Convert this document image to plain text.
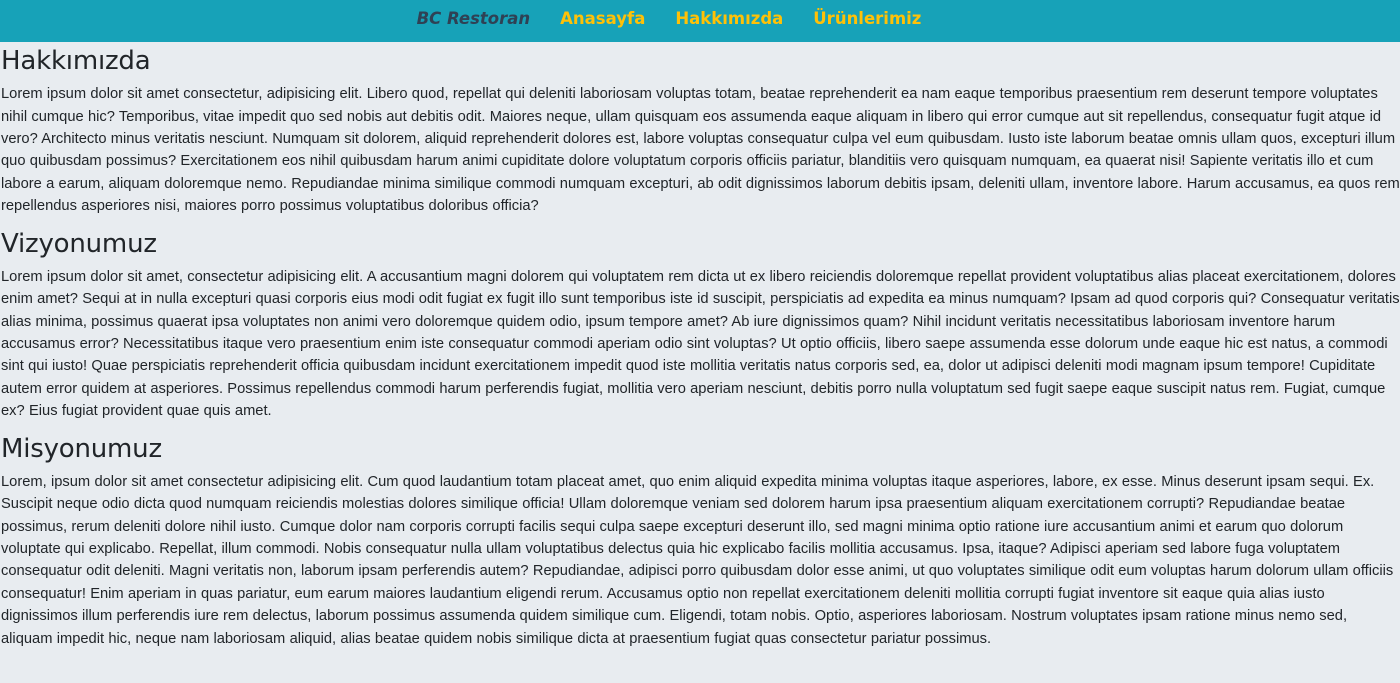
BC Restoran Anasayfa Hakkımızda Ürünlerimiz
Hakkımızda

Lorem ipsum dolor sit amet consectetur, adipisicing elit. Libero quod, repellat qui deleniti laboriosam voluptas totam, beatae reprehenderit ea nam eaque temporibus praesentium rem deserunt tempore voluptates nihil cumque hic? Temporibus, vitae impedit quo sed nobis aut debitis odit. Maiores neque, ullam quisquam eos assumenda eaque aliquam in libero qui error cumque aut sit repellendus, consequatur fugit atque id vero? Architecto minus veritatis nesciunt. Numquam sit dolorem, aliquid reprehenderit dolores est, labore voluptas consequatur culpa vel eum quibusdam. Iusto iste laborum beatae omnis ullam quos, excepturi illum quo quibusdam possimus? Exercitationem eos nihil quibusdam harum animi cupiditate dolore voluptatum corporis officiis pariatur, blanditiis vero quisquam numquam, ea quaerat nisi! Sapiente veritatis illo et cum labore a earum, aliquam doloremque nemo. Repudiandae minima similique commodi numquam excepturi, ab odit dignissimos laborum debitis ipsam, deleniti ullam, inventore labore. Harum accusamus, ea quos rem repellendus asperiores nisi, maiores porro possimus voluptatibus doloribus officia?

Vizyonumuz

Lorem ipsum dolor sit amet, consectetur adipisicing elit. A accusantium magni dolorem qui voluptatem rem dicta ut ex libero reiciendis doloremque repellat provident voluptatibus alias placeat exercitationem, dolores enim amet? Sequi at in nulla excepturi quasi corporis eius modi odit fugiat ex fugit illo sunt temporibus iste id suscipit, perspiciatis ad expedita ea minus numquam? Ipsam ad quod corporis qui? Consequatur veritatis alias minima, possimus quaerat ipsa voluptates non animi vero doloremque quidem odio, ipsum tempore amet? Ab iure dignissimos quam? Nihil incidunt veritatis necessitatibus laboriosam inventore harum accusamus error? Necessitatibus itaque vero praesentium enim iste consequatur commodi aperiam odio sint voluptas? Ut optio officiis, libero saepe assumenda esse dolorum unde eaque hic est natus, a commodi sint qui iusto! Quae perspiciatis reprehenderit officia quibusdam incidunt exercitationem impedit quod iste mollitia veritatis natus corporis sed, ea, dolor ut adipisci deleniti modi magnam ipsum tempore! Cupiditate autem error quidem at asperiores. Possimus repellendus commodi harum perferendis fugiat, mollitia vero aperiam nesciunt, debitis porro nulla voluptatum sed fugit saepe eaque suscipit natus rem. Fugiat, cumque ex? Eius fugiat provident quae quis amet.

Misyonumuz

Lorem, ipsum dolor sit amet consectetur adipisicing elit. Cum quod laudantium totam placeat amet, quo enim aliquid expedita minima voluptas itaque asperiores, labore, ex esse. Minus deserunt ipsam sequi. Ex. Suscipit neque odio dicta quod numquam reiciendis molestias dolores similique officia! Ullam doloremque veniam sed dolorem harum ipsa praesentium aliquam exercitationem corrupti? Repudiandae beatae possimus, rerum deleniti dolore nihil iusto. Cumque dolor nam corporis corrupti facilis sequi culpa saepe excepturi deserunt illo, sed magni minima optio ratione iure accusantium animi et earum quo dolorum voluptate qui explicabo. Repellat, illum commodi. Nobis consequatur nulla ullam voluptatibus delectus quia hic explicabo facilis mollitia accusamus. Ipsa, itaque? Adipisci aperiam sed labore fuga voluptatem consequatur odit deleniti. Magni veritatis non, laborum ipsam perferendis autem? Repudiandae, adipisci porro quibusdam dolor esse animi, ut quo voluptates similique odit eum voluptas harum dolorum ullam officiis consequatur! Enim aperiam in quas pariatur, eum earum maiores laudantium eligendi rerum. Accusamus optio non repellat exercitationem deleniti mollitia corrupti fugiat inventore sit eaque quia alias iusto dignissimos illum perferendis iure rem delectus, laborum possimus assumenda quidem similique cum. Eligendi, totam nobis. Optio, asperiores laboriosam. Nostrum voluptates ipsam ratione minus nemo sed, aliquam impedit hic, neque nam laboriosam aliquid, alias beatae quidem nobis similique dicta at praesentium fugiat quas consectetur pariatur possimus.
